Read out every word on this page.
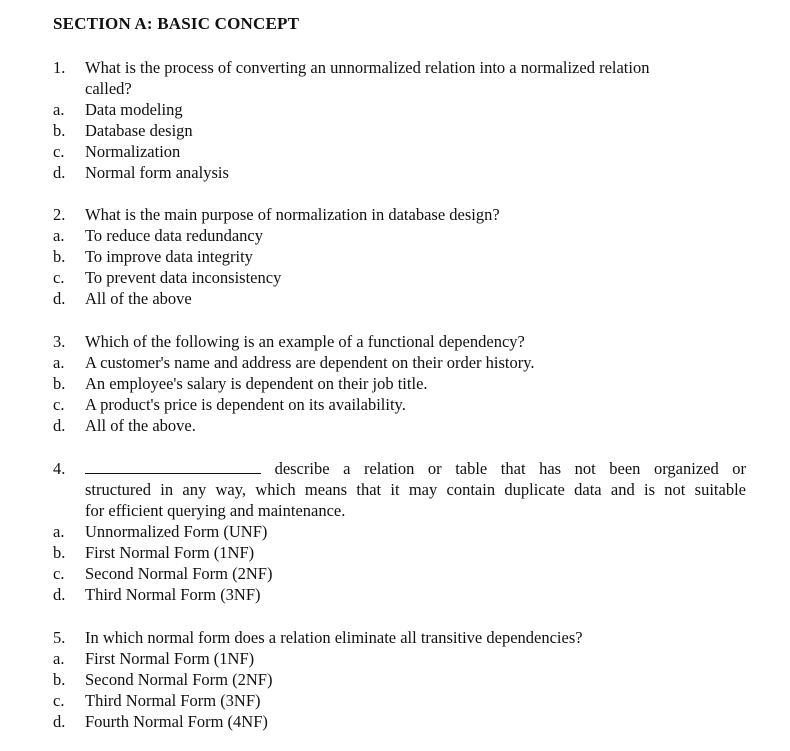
SECTION A: BASIC CONCEPT
1. What is the process of converting an unnormalized relation into a normalized relation
called?
a. Data modeling
b. Database design
c. Normalization
d. Normal form analysis
2. What is the main purpose of normalization in database design?
a. To reduce data redundancy
b. To improve data integrity
c. To prevent data inconsistency
d. All of the above
3. Which of the following is an example of a functional dependency?
a. A customer's name and address are dependent on their order history.
b. An employee's salary is dependent on their job title.
c. A product's price is dependent on its availability.
d. All of the above.
4.	describe a relation or table that has not been organized or
structured in any way, which means that it may contain duplicate data and is not suitable
for efficient querying and maintenance.
a. Unnormalized Form (UNF)
b. First Normal Form (1NF)
c. Second Normal Form (2NF)
d. Third Normal Form (3NF)
5. In which normal form does a relation eliminate all transitive dependencies?
a. First Normal Form (1NF)
b. Second Normal Form (2NF)
c. Third Normal Form (3NF)
d. Fourth Normal Form (4NF)
